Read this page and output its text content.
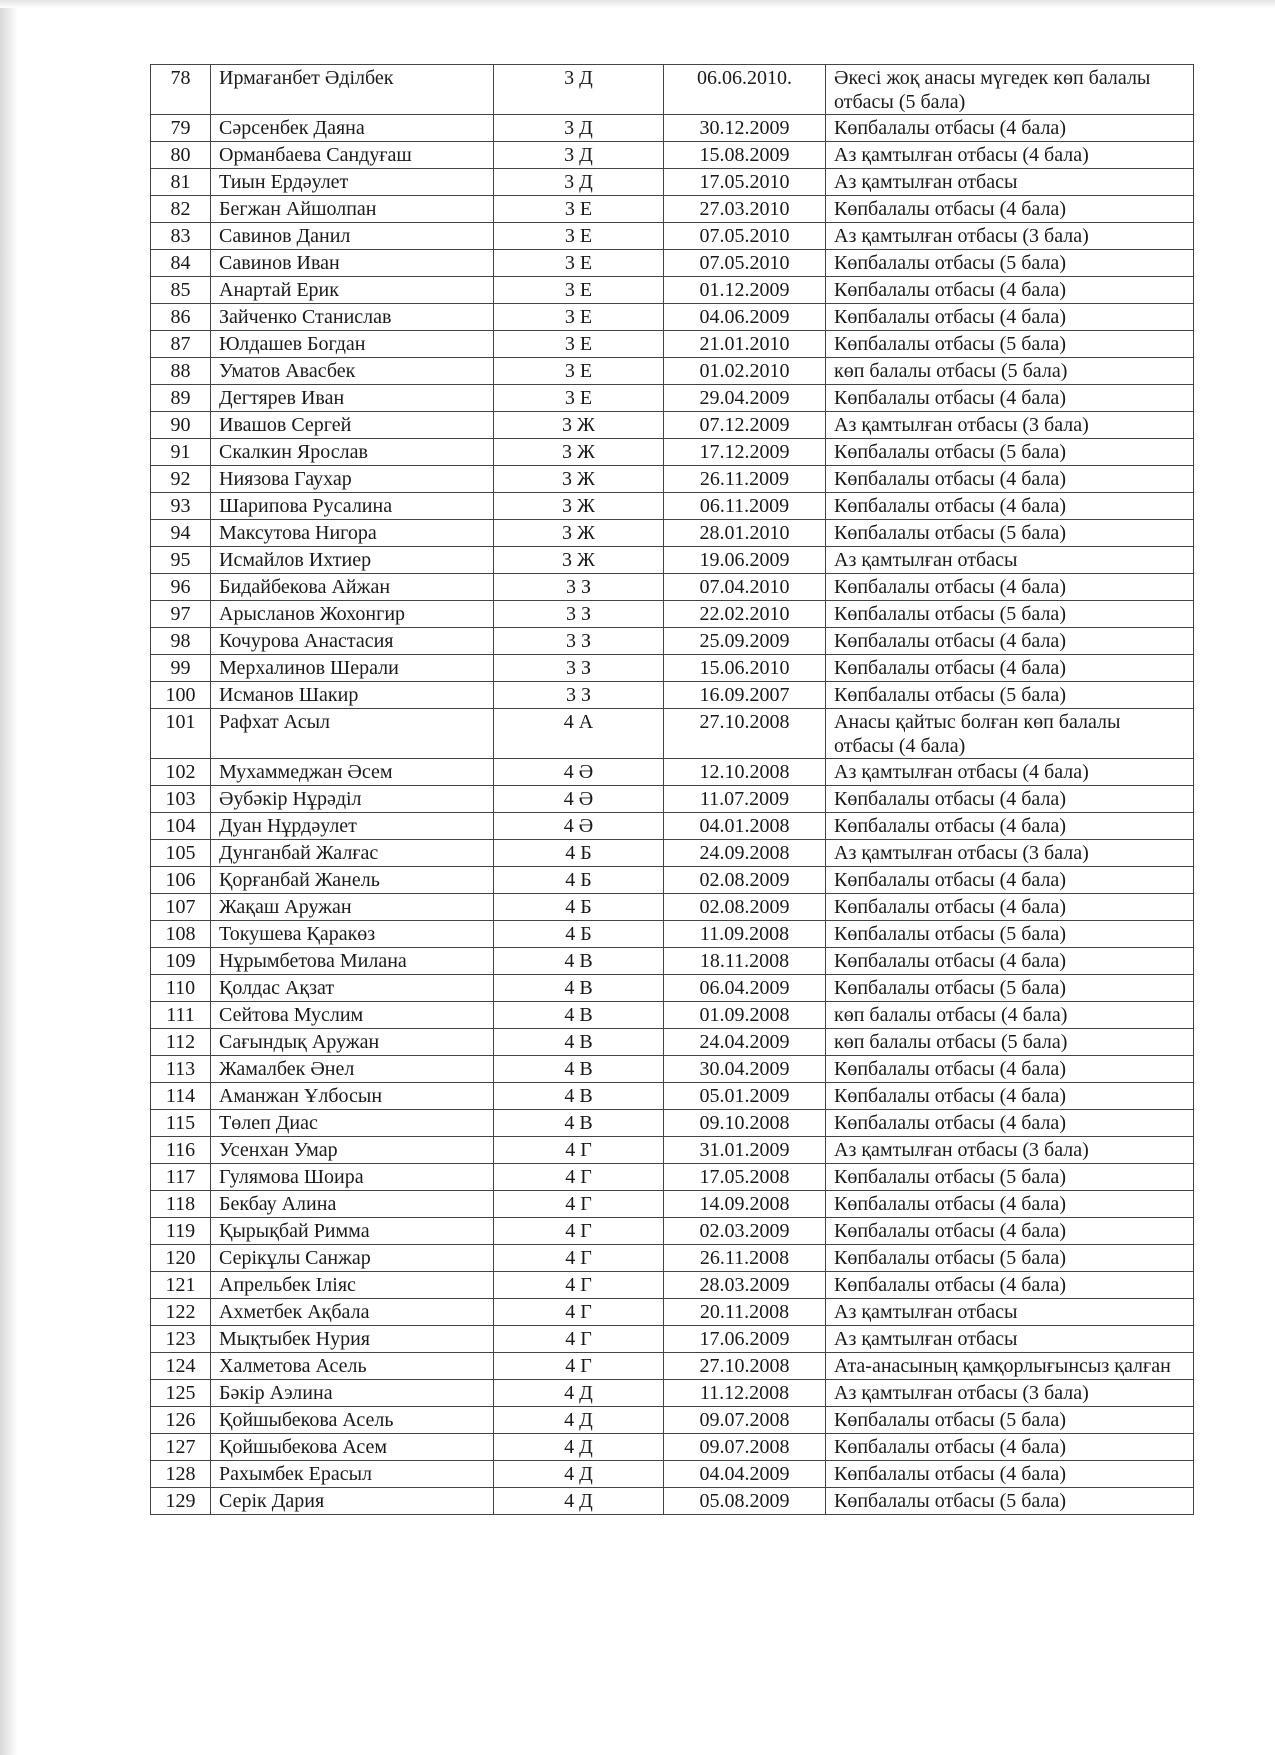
78	Ирмағанбет Әділбек	3 Д	06.06.2010.	Әкесі жоқ анасы мүгедек көп балалы отбасы (5 бала)
79	Сәрсенбек Даяна	3 Д	30.12.2009	Көпбалалы отбасы (4 бала)
80	Орманбаева Сандуғаш	3 Д	15.08.2009	Аз қамтылған отбасы (4 бала)
81	Тиын Ердәулет	3 Д	17.05.2010	Аз қамтылған отбасы
82	Бегжан Айшолпан	3 Е	27.03.2010	Көпбалалы отбасы (4 бала)
83	Савинов Данил	3 Е	07.05.2010	Аз қамтылған отбасы (3 бала)
84	Савинов Иван	3 Е	07.05.2010	Көпбалалы отбасы (5 бала)
85	Анартай Ерик	3 Е	01.12.2009	Көпбалалы отбасы (4 бала)
86	Зайченко Станислав	3 Е	04.06.2009	Көпбалалы отбасы (4 бала)
87	Юлдашев Богдан	3 Е	21.01.2010	Көпбалалы отбасы (5 бала)
88	Уматов Авасбек	3 Е	01.02.2010	көп балалы отбасы (5 бала)
89	Дегтярев Иван	3 Е	29.04.2009	Көпбалалы отбасы (4 бала)
90	Ивашов Сергей	3 Ж	07.12.2009	Аз қамтылған отбасы (3 бала)
91	Скалкин Ярослав	3 Ж	17.12.2009	Көпбалалы отбасы (5 бала)
92	Ниязова Гаухар	3 Ж	26.11.2009	Көпбалалы отбасы (4 бала)
93	Шарипова Русалина	3 Ж	06.11.2009	Көпбалалы отбасы (4 бала)
94	Максутова Нигора	3 Ж	28.01.2010	Көпбалалы отбасы (5 бала)
95	Исмайлов Ихтиер	3 Ж	19.06.2009	Аз қамтылған отбасы
96	Бидайбекова Айжан	3 З	07.04.2010	Көпбалалы отбасы (4 бала)
97	Арысланов Жохонгир	3 З	22.02.2010	Көпбалалы отбасы (5 бала)
98	Кочурова Анастасия	3 З	25.09.2009	Көпбалалы отбасы (4 бала)
99	Мерхалинов Шерали	3 З	15.06.2010	Көпбалалы отбасы (4 бала)
100	Исманов Шакир	3 З	16.09.2007	Көпбалалы отбасы (5 бала)
101	Рафхат Асыл	4 А	27.10.2008	Анасы қайтыс болған көп балалы отбасы (4 бала)
102	Мухаммеджан Әсем	4 Ә	12.10.2008	Аз қамтылған отбасы (4 бала)
103	Әубәкір Нұрәділ	4 Ә	11.07.2009	Көпбалалы отбасы (4 бала)
104	Дуан Нұрдәулет	4 Ә	04.01.2008	Көпбалалы отбасы (4 бала)
105	Дунганбай Жалғас	4 Б	24.09.2008	Аз қамтылған отбасы (3 бала)
106	Қорғанбай Жанель	4 Б	02.08.2009	Көпбалалы отбасы (4 бала)
107	Жақаш Аружан	4 Б	02.08.2009	Көпбалалы отбасы (4 бала)
108	Токушева Қаракөз	4 Б	11.09.2008	Көпбалалы отбасы (5 бала)
109	Нұрымбетова Милана	4 В	18.11.2008	Көпбалалы отбасы (4 бала)
110	Қолдас Ақзат	4 В	06.04.2009	Көпбалалы отбасы (5 бала)
111	Сейтова Муслим	4 В	01.09.2008	көп балалы отбасы (4 бала)
112	Сағындық Аружан	4 В	24.04.2009	көп балалы отбасы (5 бала)
113	Жамалбек Әнел	4 В	30.04.2009	Көпбалалы отбасы (4 бала)
114	Аманжан Ұлбосын	4 В	05.01.2009	Көпбалалы отбасы (4 бала)
115	Төлеп Диас	4 В	09.10.2008	Көпбалалы отбасы (4 бала)
116	Усенхан Умар	4 Г	31.01.2009	Аз қамтылған отбасы (3 бала)
117	Гулямова Шоира	4 Г	17.05.2008	Көпбалалы отбасы (5 бала)
118	Бекбау Алина	4 Г	14.09.2008	Көпбалалы отбасы (4 бала)
119	Қырықбай Римма	4 Г	02.03.2009	Көпбалалы отбасы (4 бала)
120	Серікұлы Санжар	4 Г	26.11.2008	Көпбалалы отбасы (5 бала)
121	Апрельбек Іліяс	4 Г	28.03.2009	Көпбалалы отбасы (4 бала)
122	Ахметбек Ақбала	4 Г	20.11.2008	Аз қамтылған отбасы
123	Мықтыбек Нурия	4 Г	17.06.2009	Аз қамтылған отбасы
124	Халметова Асель	4 Г	27.10.2008	Ата-анасының қамқорлығынсыз қалған
125	Бәкір Аэлина	4 Д	11.12.2008	Аз қамтылған отбасы (3 бала)
126	Қойшыбекова Асель	4 Д	09.07.2008	Көпбалалы отбасы (5 бала)
127	Қойшыбекова Асем	4 Д	09.07.2008	Көпбалалы отбасы (4 бала)
128	Рахымбек Ерасыл	4 Д	04.04.2009	Көпбалалы отбасы (4 бала)
129	Серік Дария	4 Д	05.08.2009	Көпбалалы отбасы (5 бала)
